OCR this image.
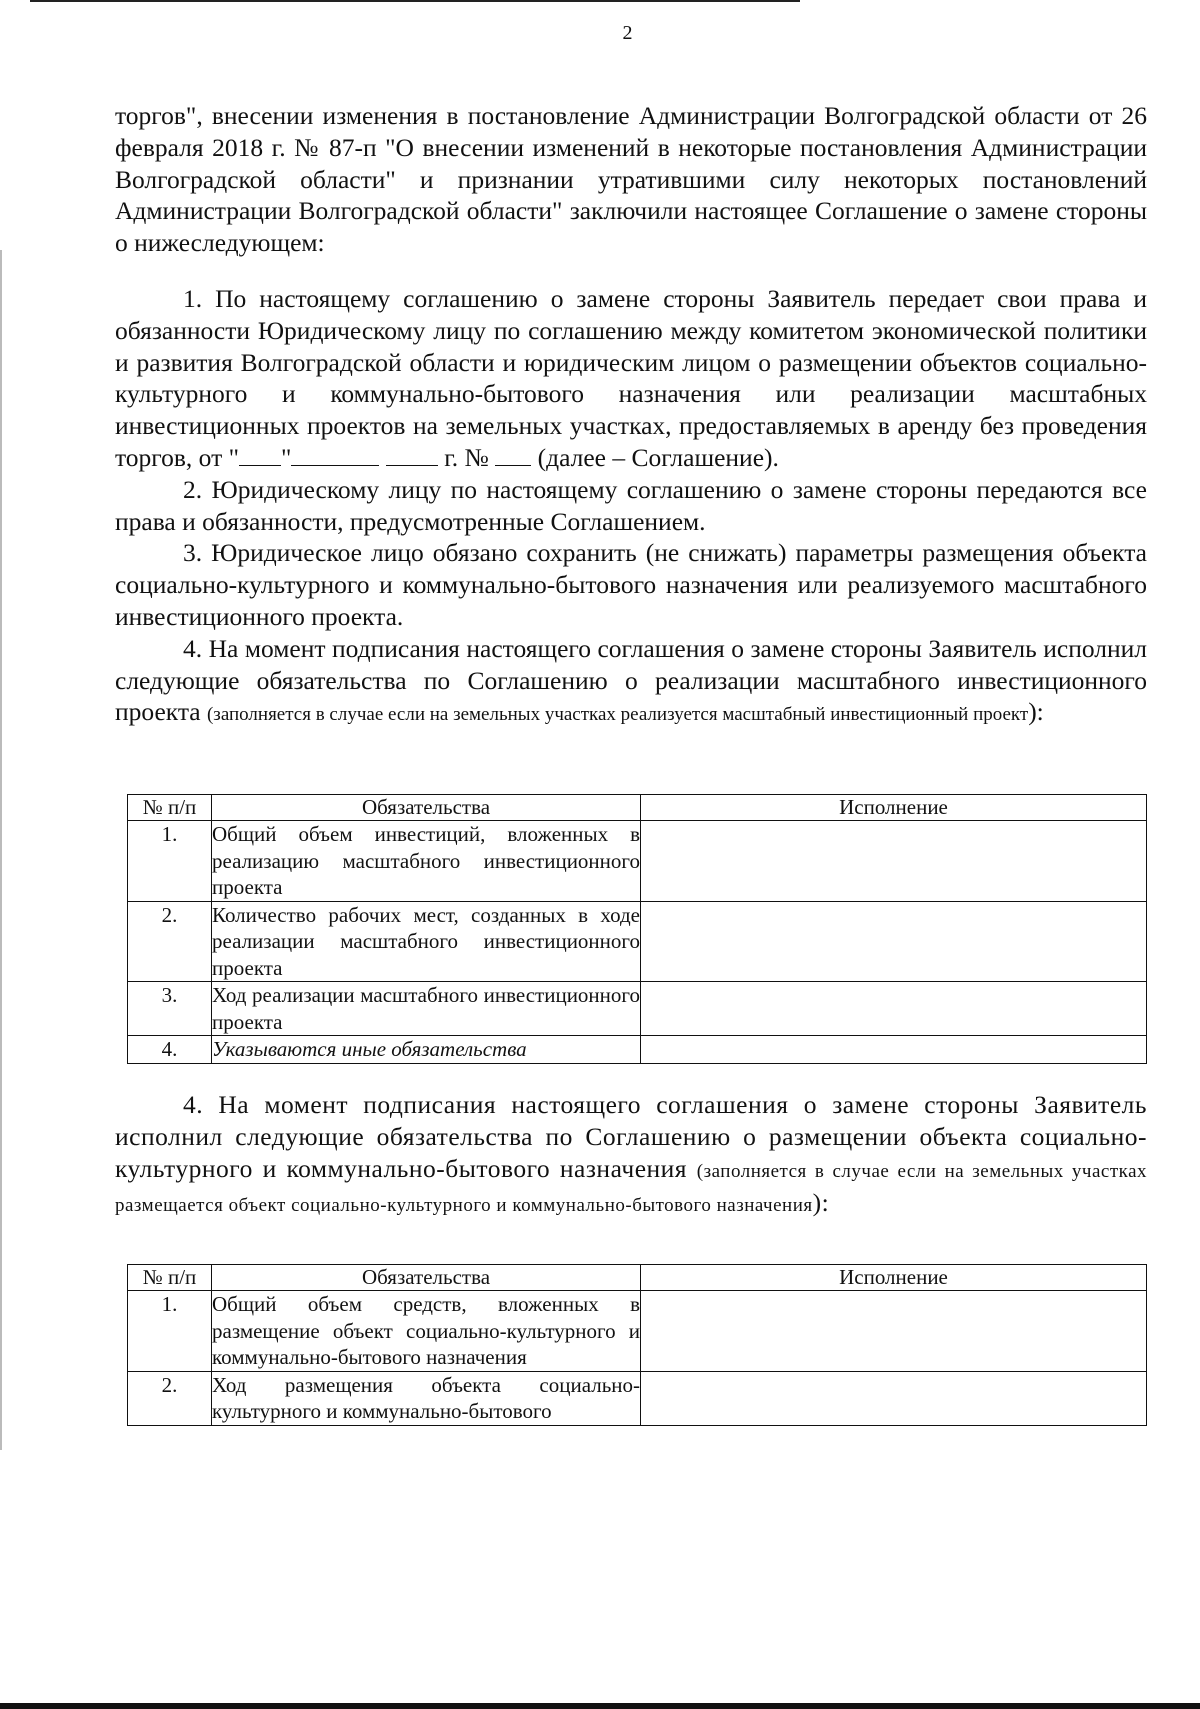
2

торгов", внесении изменения в постановление Администрации Волгоградской области от 26 февраля 2018 г. № 87-п "О внесении изменений в некоторые постановления Администрации Волгоградской области" и признании утратившими силу некоторых постановлений Администрации Волгоградской области" заключили настоящее Соглашение о замене стороны о нижеследующем:

1. По настоящему соглашению о замене стороны Заявитель передает свои права и обязанности Юридическому лицу по соглашению между комитетом экономической политики и развития Волгоградской области и юридическим лицом о размещении объектов социально-культурного и коммунально-бытового назначения или реализации масштабных инвестиционных проектов на земельных участках, предоставляемых в аренду без проведения торгов, от " "	г. № (далее – Соглашение).

2. Юридическому лицу по настоящему соглашению о замене стороны передаются все права и обязанности, предусмотренные Соглашением.

3. Юридическое лицо обязано сохранить (не снижать) параметры размещения объекта социально-культурного и коммунально-бытового назначения или реализуемого масштабного инвестиционного проекта.

4. На момент подписания настоящего соглашения о замене стороны Заявитель исполнил следующие обязательства по Соглашению о реализации масштабного инвестиционного проекта (заполняется в случае если на земельных участках реализуется масштабный инвестиционный проект):

№ п/п	Обязательства	Исполнение
1.	Общий объем инвестиций, вложенных в реализацию масштабного инвестиционного проекта	
2.	Количество рабочих мест, созданных в ходе реализации масштабного инвестиционного проекта	
3.	Ход реализации масштабного инвестиционного проекта	
4.	Указываются иные обязательства	

4. На момент подписания настоящего соглашения о замене стороны Заявитель исполнил следующие обязательства по Соглашению о размещении объекта социально-культурного и коммунально-бытового назначения (заполняется в случае если на земельных участках размещается объект социально-культурного и коммунально-бытового назначения):

№ п/п	Обязательства	Исполнение
1.	Общий объем средств, вложенных в размещение объект социально-культурного и коммунально-бытового назначения	
2.	Ход размещения объекта социально-культурного и коммунально-бытового	
